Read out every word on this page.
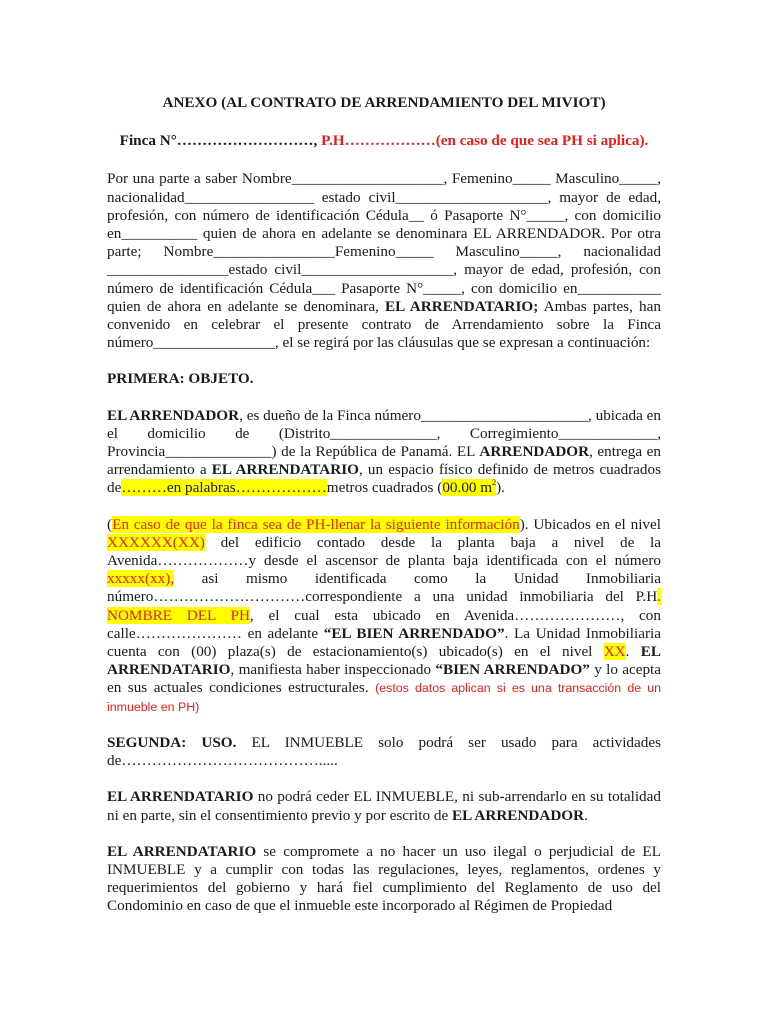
ANEXO (AL CONTRATO DE ARRENDAMIENTO DEL MIVIOT)
Finca N°………………………, P.H………………(en caso de que sea PH si aplica).

Por una parte a saber Nombre____________________, Femenino_____ Masculino_____, nacionalidad_________________ estado civil____________________, mayor de edad, profesión, con número de identificación Cédula__ ó Pasaporte N°_____, con domicilio en__________ quien de ahora en adelante se denominara EL ARRENDADOR. Por otra parte; Nombre________________Femenino_____ Masculino_____, nacionalidad ________________estado civil____________________, mayor de edad, profesión, con número de identificación Cédula___ Pasaporte N°_____, con domicilio en___________ quien de ahora en adelante se denominara, EL ARRENDATARIO; Ambas partes, han convenido en celebrar el presente contrato de Arrendamiento sobre la Finca número________________, el se regirá por las cláusulas que se expresan a continuación:

PRIMERA: OBJETO.

EL ARRENDADOR, es dueño de la Finca número______________________, ubicada en el domicilio de (Distrito______________, Corregimiento_____________, Provincia______________) de la República de Panamá. EL ARRENDADOR, entrega en arrendamiento a EL ARRENDATARIO, un espacio físico definido de metros cuadrados de………en palabras………………metros cuadrados (00.00 $m^2$).

(En caso de que la finca sea de PH-llenar la siguiente información). Ubicados en el nivel XXXXXX(XX) del edificio contado desde la planta baja a nivel de la Avenida………………y desde el ascensor de planta baja identificada con el número xxxxx(xx), asi mismo identificada como la Unidad Inmobiliaria número…………………………correspondiente a una unidad inmobiliaria del P.H. NOMBRE DEL PH, el cual esta ubicado en Avenida…………………, con calle………………… en adelante “EL BIEN ARRENDADO”. La Unidad Inmobiliaria cuenta con (00) plaza(s) de estacionamiento(s) ubicado(s) en el nivel XX. EL ARRENDATARIO, manifiesta haber inspeccionado “BIEN ARRENDADO” y lo acepta en sus actuales condiciones estructurales. (estos datos aplican si es una transacción de un inmueble en PH)

SEGUNDA: USO. EL INMUEBLE solo podrá ser usado para actividades de………………………………….....

EL ARRENDATARIO no podrá ceder EL INMUEBLE, ni sub-arrendarlo en su totalidad ni en parte, sin el consentimiento previo y por escrito de EL ARRENDADOR.

EL ARRENDATARIO se compromete a no hacer un uso ilegal o perjudicial de EL INMUEBLE y a cumplir con todas las regulaciones, leyes, reglamentos, ordenes y requerimientos del gobierno y hará fiel cumplimiento del Reglamento de uso del Condominio en caso de que el inmueble este incorporado al Régimen de Propiedad
